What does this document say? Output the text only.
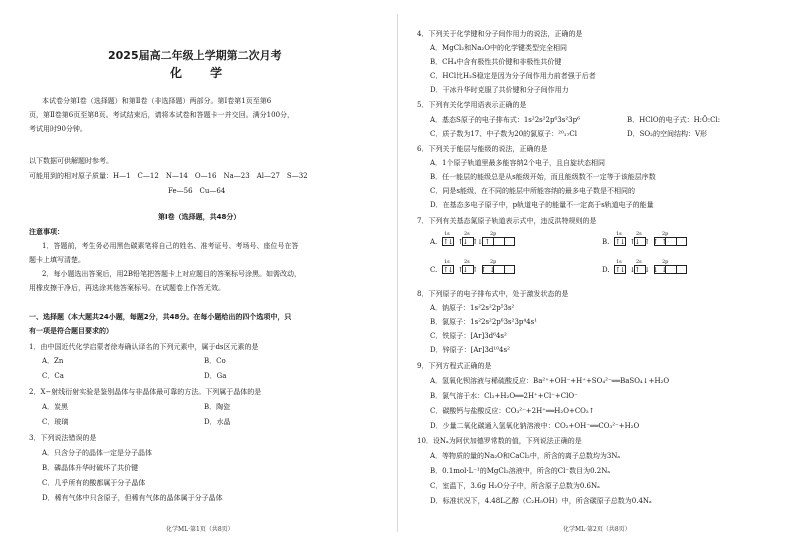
2025届高二年级上学期第二次月考
化 学
本试卷分第Ⅰ卷（选择题）和第Ⅱ卷（非选择题）两部分。第Ⅰ卷第1页至第6
页，第Ⅱ卷第6页至第8页。考试结束后，请将本试卷和答题卡一并交回。满分100分，
考试用时90分钟。
以下数据可供解题时参考。
可能用到的相对原子质量：H—1　C—12　N—14　O—16　Na—23　Al—27　S—32
Fe—56　Cu—64
第Ⅰ卷（选择题，共48分）
注意事项：
1．答题前，考生务必用黑色碳素笔将自己的姓名、准考证号、考场号、座位号在答
题卡上填写清楚。
2．每小题选出答案后，用2B铅笔把答题卡上对应题目的答案标号涂黑。如需改动，
用橡皮擦干净后，再选涂其他答案标号。在试题卷上作答无效。
一、选择题（本大题共24小题，每题2分，共48分。在每小题给出的四个选项中，只
有一项是符合题目要求的）
1．由中国近代化学启蒙者徐寿确认译名的下列元素中，属于ds区元素的是
A．Zn	B．Co
C．Ca	D．Ga
2．X−射线衍射实验是鉴别晶体与非晶体最可靠的方法。下列属于晶体的是
A．炭黑	B．陶瓷
C．玻璃	D．水晶
3．下列说法错误的是
A．只含分子的晶体一定是分子晶体
B．磷晶体升华时破坏了共价键
C．几乎所有的酸都属于分子晶体
D．稀有气体中只含原子，但稀有气体的晶体属于分子晶体
化学ML·第1页（共8页）
4．下列关于化学键和分子间作用力的说法，正确的是
A．MgCl₂和Na₂O中的化学键类型完全相同
B．CH₄中含有极性共价键和非极性共价键
C．HCl比H₂S稳定是因为分子间作用力前者强于后者
D．干冰升华时克服了共价键和分子间作用力
5．下列有关化学用语表示正确的是
A．基态S原子的电子排布式：1s²2s²2p⁶3s²3p⁶	B．HClO的电子式：H:Ö:Cl:
C．质子数为17、中子数为20的氯原子：²⁰₁₇Cl	D．SO₂的空间结构：V形
6．下列关于能层与能级的说法，正确的是
A．1个原子轨道里最多能容纳2个电子，且自旋状态相同
B．任一能层的能级总是从s能级开始，而且能级数不一定等于该能层序数
C．同是s能级，在不同的能层中所能容纳的最多电子数是不相同的
D．在基态多电子原子中，p轨道电子的能量不一定高于s轨道电子的能量
7．下列有关基态氮原子轨道表示式中，违反洪特规则的是
A.
1s	2s	2p
↑↓    ↑↓    ↑↓  ↑	B.
1s	2s	2p
↑↓    ↑↓    ↑   ↑   ↑
C.
1s	2s	2p
↑↓    ↑↓    ↑   ↑   ↓	D.
1s	2s	2p
↑↓    ↓↑    ↓   ↓   ↓
8．下列原子的电子排布式中，处于激发状态的是
A．钠原子：1s²2s²2p⁵3s²
B．氯原子：1s²2s²2p⁶3s²3p⁴4s¹
C．铁原子：[Ar]3d⁶4s²
D．锌原子：[Ar]3d¹⁰4s²
9．下列方程式正确的是
A．氢氧化钡溶液与稀硫酸反应：Ba²⁺+OH⁻+H⁺+SO₄²⁻══BaSO₄↓+H₂O
B．氯气溶于水：Cl₂+H₂O══2H⁺+Cl⁻+ClO⁻
C．碳酸钙与盐酸反应：CO₃²⁻+2H⁺══H₂O+CO₂↑
D．少量二氧化碳通入氢氧化钠溶液中：CO₂+OH⁻══CO₃²⁻+H₂O
10．设Nₐ为阿伏加德罗常数的值，下列说法正确的是
A．等物质的量的Na₂O和CaCl₂中，所含的离子总数均为3Nₐ
B．0.1mol·L⁻¹的MgCl₂溶液中，所含的Cl⁻数目为0.2Nₐ
C．室温下，3.6g H₂O分子中，所含原子总数为0.6Nₐ
D．标准状况下，4.48L乙醇（C₂H₅OH）中，所含碳原子总数为0.4Nₐ
化学ML·第2页（共8页）
